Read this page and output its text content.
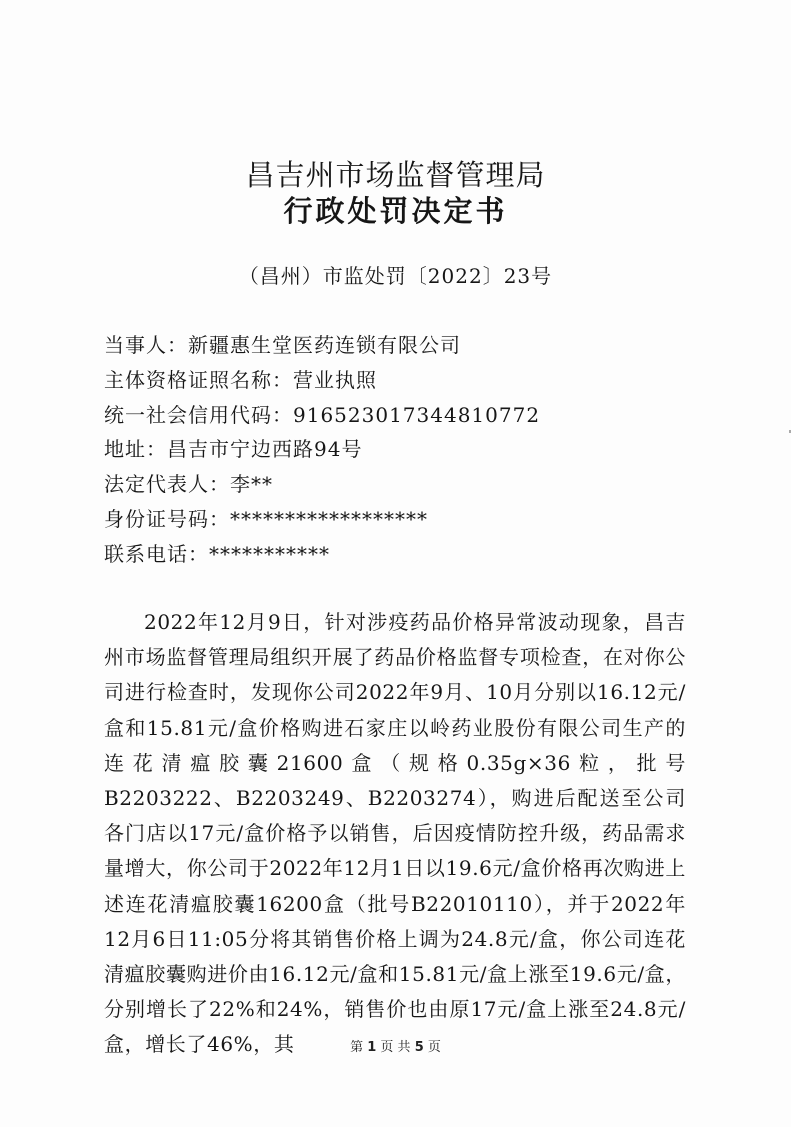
昌吉州市场监督管理局
行政处罚决定书
（昌州）市监处罚〔2022〕23号
当事人：新疆惠生堂医药连锁有限公司
主体资格证照名称：营业执照
统一社会信用代码：916523017344810772
地址：昌吉市宁边西路94号
法定代表人：李**
身份证号码：******************
联系电话：***********

2022年12月9日，针对涉疫药品价格异常波动现象，昌吉州市场监督管理局组织开展了药品价格监督专项检查，在对你公司进行检查时，发现你公司2022年9月、10月分别以16.12元/盒和15.81元/盒价格购进石家庄以岭药业股份有限公司生产的连花清瘟胶囊21600盒（规格0.35g×36粒，批号B2203222、B2203249、B2203274），购进后配送至公司各门店以17元/盒价格予以销售，后因疫情防控升级，药品需求量增大，你公司于2022年12月1日以19.6元/盒价格再次购进上述连花清瘟胶囊16200盒（批号B22010110），并于2022年12月6日11:05分将其销售价格上调为24.8元/盒，你公司连花清瘟胶囊购进价由16.12元/盒和15.81元/盒上涨至19.6元/盒，分别增长了22%和24%，销售价也由原17元/盒上涨至24.8元/盒，增长了46%，其	第 1 页 共 5 页
